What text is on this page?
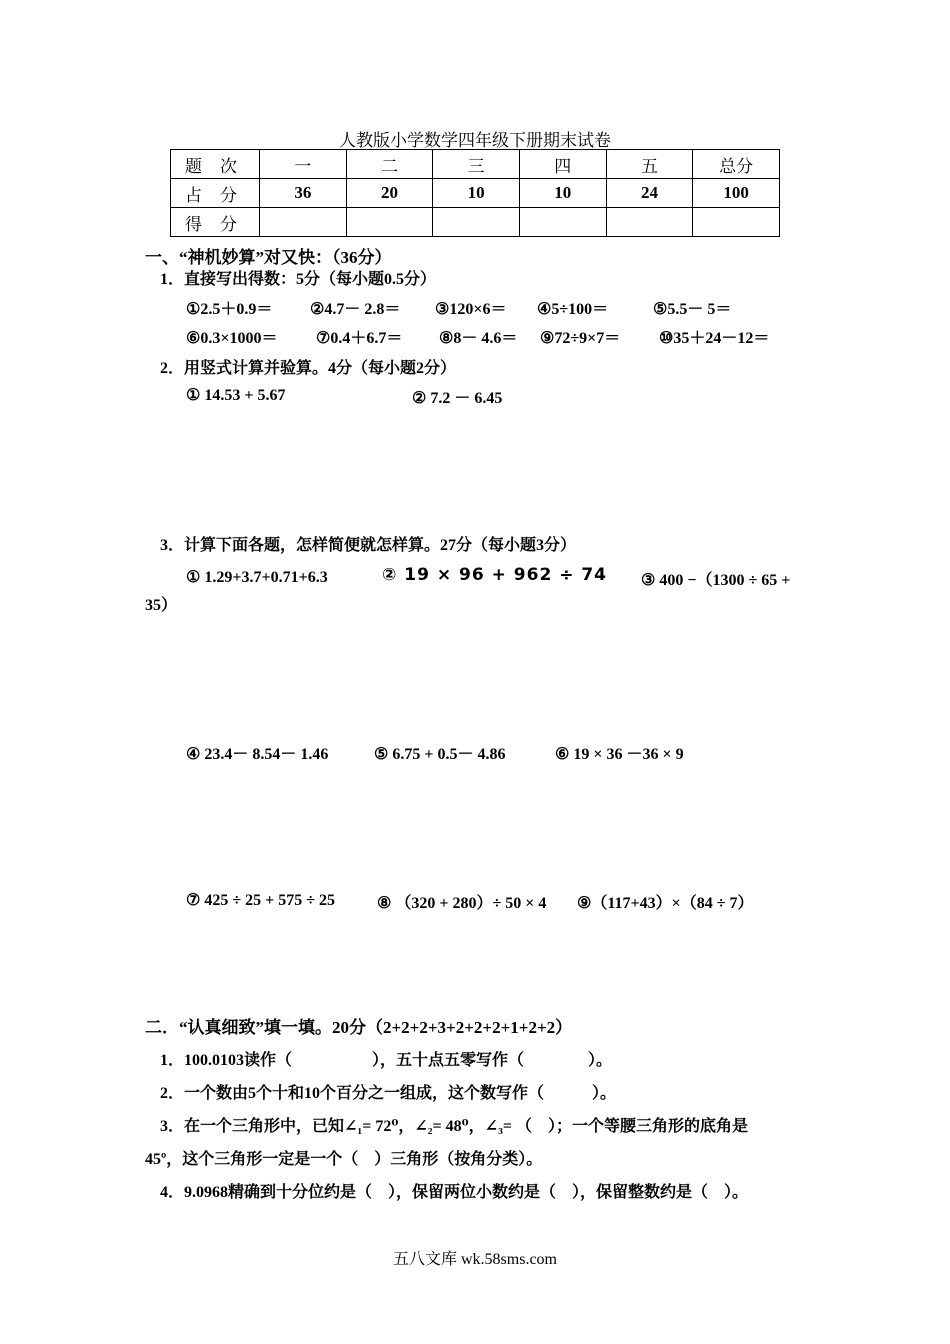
人教版小学数学四年级下册期末试卷
题次	一	二	三	四	五	总分
占分	36	20	10	10	24	100
得分						
一、“神机妙算”对又快：（36分）
1．直接写出得数：5分（每小题0.5分）
①2.5＋0.9＝ ②4.7－ 2.8＝ ③120×6＝ ④5÷100＝	⑤5.5－ 5＝
⑥0.3×1000＝ ⑦0.4＋6.7＝ ⑧8－ 4.6＝ ⑨72÷9×7＝ ⑩35＋24－12＝
2．用竖式计算并验算。4分（每小题2分）
① 14.53 + 5.67	② 7.2 － 6.45
3．计算下面各题，怎样简便就怎样算。27分（每小题3分）
① 1.29+3.7+0.71+6.3	② 19 × 96 + 962 ÷ 74 ③ 400 −（1300 ÷ 65 +
35）
④ 23.4－ 8.54－ 1.46	⑤ 6.75 + 0.5－ 4.86	⑥ 19 × 36 －36 × 9
⑦ 425 ÷ 25 + 575 ÷ 25	⑧ （320 + 280）÷ 50 × 4 ⑨（117+43）×（84 ÷ 7）
二．“认真细致”填一填。20分（2+2+2+3+2+2+2+1+2+2）
1．100.0103读作（　　　　　），五十点五零写作（　　　　）。
2．一个数由5个十和10个百分之一组成，这个数写作（　　　）。
3．在一个三角形中，已知∠₁= 72⁰，∠₂= 48⁰，∠₃= （　）；一个等腰三角形的底角是
45º，这个三角形一定是一个（　）三角形（按角分类）。
4．9.0968精确到十分位约是（　），保留两位小数约是（　），保留整数约是（　）。
五八文库 wk.58sms.com
